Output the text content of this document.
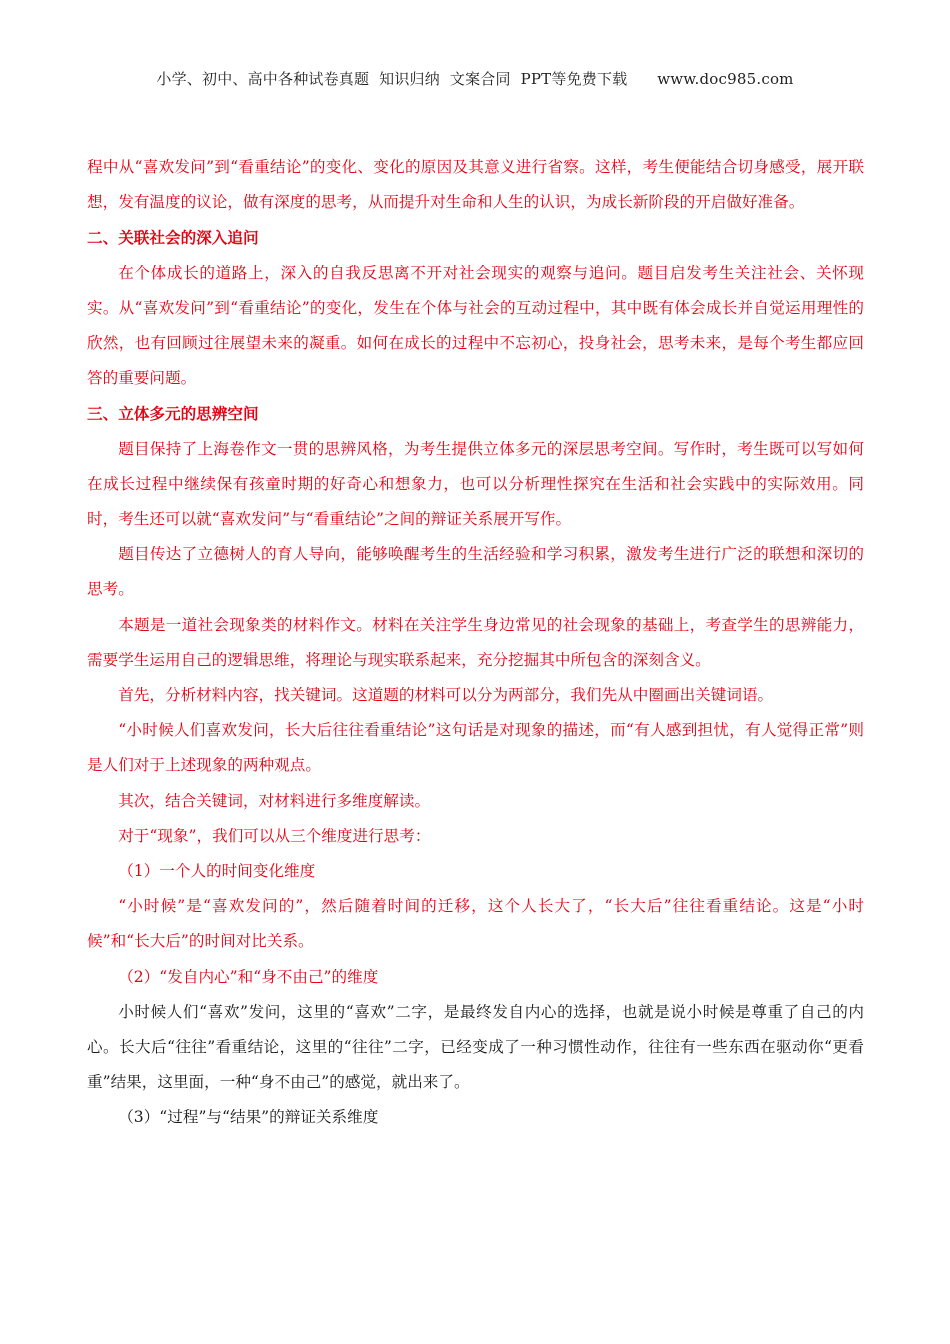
小学、初中、高中各种试卷真题  知识归纳  文案合同  PPT等免费下载      www.doc985.com

程中从“喜欢发问”到“看重结论”的变化、变化的原因及其意义进行省察。这样，考生便能结合切身感受，展开联想，发有温度的议论，做有深度的思考，从而提升对生命和人生的认识，为成长新阶段的开启做好准备。

二、关联社会的深入追问

在个体成长的道路上，深入的自我反思离不开对社会现实的观察与追问。题目启发考生关注社会、关怀现实。从“喜欢发问”到“看重结论”的变化，发生在个体与社会的互动过程中，其中既有体会成长并自觉运用理性的欣然，也有回顾过往展望未来的凝重。如何在成长的过程中不忘初心，投身社会，思考未来，是每个考生都应回答的重要问题。

三、立体多元的思辨空间

题目保持了上海卷作文一贯的思辨风格，为考生提供立体多元的深层思考空间。写作时，考生既可以写如何在成长过程中继续保有孩童时期的好奇心和想象力，也可以分析理性探究在生活和社会实践中的实际效用。同时，考生还可以就“喜欢发问”与“看重结论”之间的辩证关系展开写作。

题目传达了立德树人的育人导向，能够唤醒考生的生活经验和学习积累，激发考生进行广泛的联想和深切的思考。

本题是一道社会现象类的材料作文。材料在关注学生身边常见的社会现象的基础上，考查学生的思辨能力，需要学生运用自己的逻辑思维，将理论与现实联系起来，充分挖掘其中所包含的深刻含义。

首先，分析材料内容，找关键词。这道题的材料可以分为两部分，我们先从中圈画出关键词语。

“小时候人们喜欢发问，长大后往往看重结论”这句话是对现象的描述，而“有人感到担忧，有人觉得正常”则是人们对于上述现象的两种观点。

其次，结合关键词，对材料进行多维度解读。

对于“现象”，我们可以从三个维度进行思考：

（1）一个人的时间变化维度

“小时候”是“喜欢发问的”，然后随着时间的迁移，这个人长大了，“长大后”往往看重结论。这是“小时候”和“长大后”的时间对比关系。

（2）“发自内心”和“身不由己”的维度

小时候人们“喜欢”发问，这里的“喜欢”二字，是最终发自内心的选择，也就是说小时候是尊重了自己的内心。长大后“往往”看重结论，这里的“往往”二字，已经变成了一种习惯性动作，往往有一些东西在驱动你“更看重”结果，这里面，一种“身不由己”的感觉，就出来了。

（3）“过程”与“结果”的辩证关系维度
